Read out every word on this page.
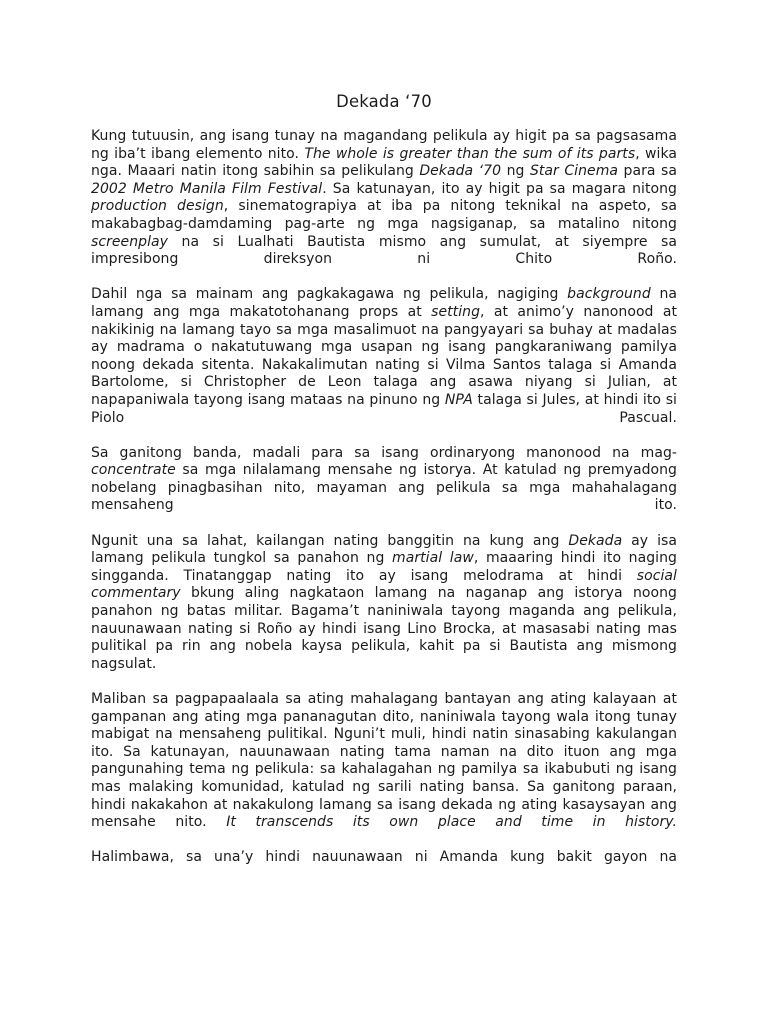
Dekada ‘70

Kung tutuusin, ang isang tunay na magandang pelikula ay higit pa sa pagsasama ng iba’t ibang elemento nito. The whole is greater than the sum of its parts, wika nga. Maaari natin itong sabihin sa pelikulang Dekada ‘70 ng Star Cinema para sa 2002 Metro Manila Film Festival. Sa katunayan, ito ay higit pa sa magara nitong production design, sinematograpiya at iba pa nitong teknikal na aspeto, sa makabagbag-damdaming pag-arte ng mga nagsiganap, sa matalino nitong screenplay na si Lualhati Bautista mismo ang sumulat, at siyempre sa impresibong direksyon ni Chito Roño.

Dahil nga sa mainam ang pagkakagawa ng pelikula, nagiging background na lamang ang mga makatotohanang props at setting, at animo’y nanonood at nakikinig na lamang tayo sa mga masalimuot na pangyayari sa buhay at madalas ay madrama o nakatutuwang mga usapan ng isang pangkaraniwang pamilya noong dekada sitenta. Nakakalimutan nating si Vilma Santos talaga si Amanda Bartolome, si Christopher de Leon talaga ang asawa niyang si Julian, at napapaniwala tayong isang mataas na pinuno ng NPA talaga si Jules, at hindi ito si Piolo Pascual.

Sa ganitong banda, madali para sa isang ordinaryong manonood na mag-concentrate sa mga nilalamang mensahe ng istorya. At katulad ng premyadong nobelang pinagbasihan nito, mayaman ang pelikula sa mga mahahalagang mensaheng ito.

Ngunit una sa lahat, kailangan nating banggitin na kung ang Dekada ay isa lamang pelikula tungkol sa panahon ng martial law, maaaring hindi ito naging singganda. Tinatanggap nating ito ay isang melodrama at hindi social commentary bkung aling nagkataon lamang na naganap ang istorya noong panahon ng batas militar. Bagama’t naniniwala tayong maganda ang pelikula, nauunawaan nating si Roño ay hindi isang Lino Brocka, at masasabi nating mas pulitikal pa rin ang nobela kaysa pelikula, kahit pa si Bautista ang mismong nagsulat.

Maliban sa pagpapaalaala sa ating mahalagang bantayan ang ating kalayaan at gampanan ang ating mga pananagutan dito, naniniwala tayong wala itong tunay mabigat na mensaheng pulitikal. Nguni’t muli, hindi natin sinasabing kakulangan ito. Sa katunayan, nauunawaan nating tama naman na dito ituon ang mga pangunahing tema ng pelikula: sa kahalagahan ng pamilya sa ikabubuti ng isang mas malaking komunidad, katulad ng sarili nating bansa. Sa ganitong paraan, hindi nakakahon at nakakulong lamang sa isang dekada ng ating kasaysayan ang mensahe nito. It transcends its own place and time in history.

Halimbawa, sa una’y hindi nauunawaan ni Amanda kung bakit gayon na
